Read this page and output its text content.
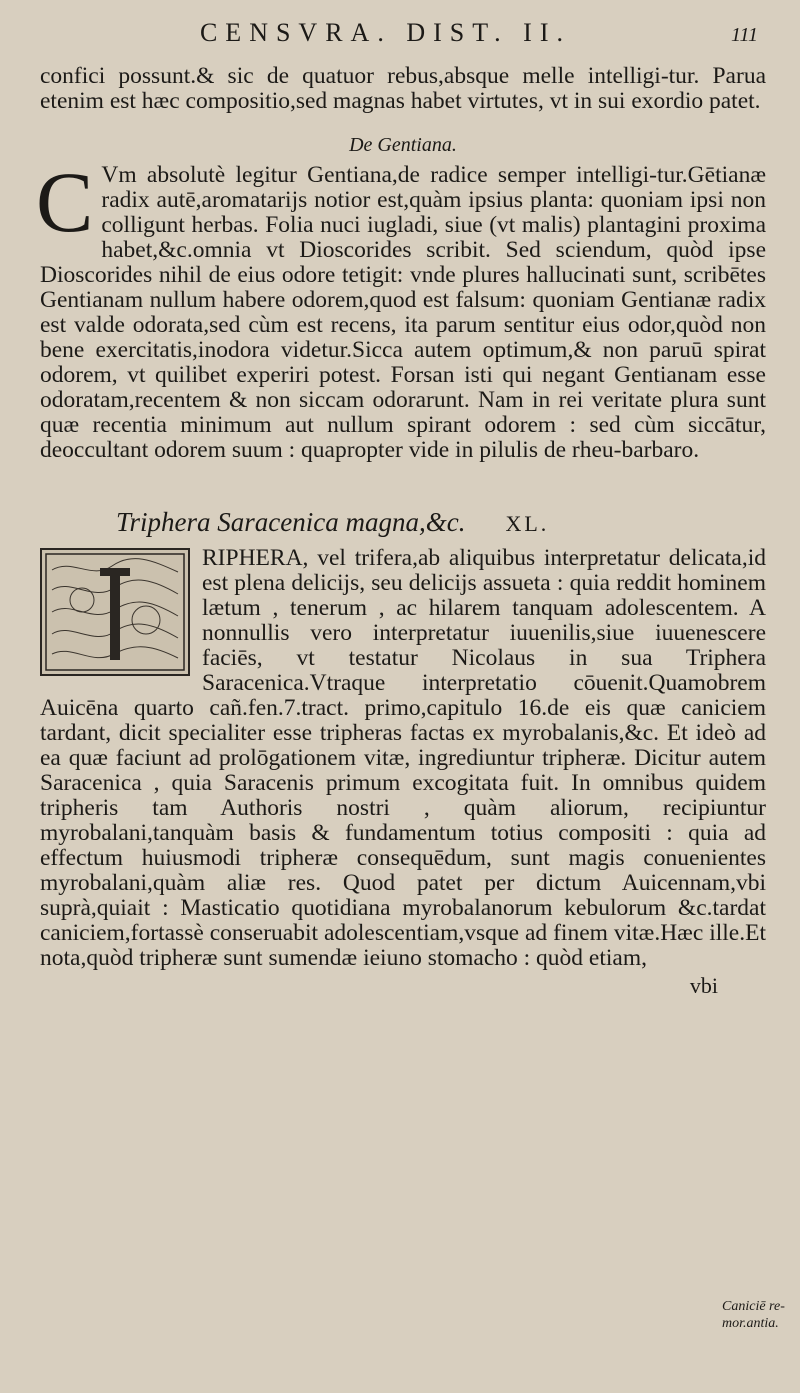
CENSVRA. DIST. II.	111

confici possunt.& sic de quatuor rebus,absque melle intelligi-tur. Parua etenim est hæc compositio,sed magnas habet virtutes, vt in sui exordio patet.

De Gentiana.
C Vm absolutè legitur Gentiana,de radice semper intelligi-tur.Gētianæ radix autē,aromatarijs notior est,quàm ipsius planta: quoniam ipsi non colligunt herbas. Folia nuci iugladi, siue (vt malis) plantagini proxima habet,&c.omnia vt Dioscorides scribit. Sed sciendum, quòd ipse Dioscorides nihil de eius odore tetigit: vnde plures hallucinati sunt, scribētes Gentianam nullum habere odorem,quod est falsum: quoniam Gentianæ radix est valde odorata,sed cùm est recens, ita parum sentitur eius odor,quòd non bene exercitatis,inodora videtur.Sicca autem optimum,& non paruū spirat odorem, vt quilibet experiri potest. Forsan isti qui negant Gentianam esse odoratam,recentem & non siccam odorarunt. Nam in rei veritate plura sunt quæ recentia minimum aut nullum spirant odorem : sed cùm siccātur, deoccultant odorem suum : quapropter vide in pilulis de rheu-barbaro.

Triphera Saracenica magna,&c. XL.

RIPHERA, vel trifera,ab aliquibus interpretatur delicata,id est plena delicijs, seu delicijs assueta : quia reddit hominem lætum , tenerum , ac hilarem tanquam adolescentem. A nonnullis vero interpretatur iuuenilis,siue iuuenescere faciēs, vt testatur Nicolaus in sua Triphera Saracenica.Vtraque interpretatio cōuenit.Quamobrem Auicēna quarto cañ.fen.7.tract. primo,capitulo 16.de eis quæ caniciem tardant, dicit specialiter esse tripheras factas ex myrobalanis,&c. Et ideò ad ea quæ faciunt ad prolōgationem vitæ, ingrediuntur tripheræ. Dicitur autem Saracenica , quia Saracenis primum excogitata fuit. In omnibus quidem tripheris tam Authoris nostri , quàm aliorum, recipiuntur myrobalani,tanquàm basis & fundamentum totius compositi : quia ad effectum huiusmodi tripheræ consequēdum, sunt magis conuenientes myrobalani,quàm aliæ res. Quod patet per dictum Auicennam,vbi suprà,quiait : Masticatio quotidiana myrobalanorum kebulorum &c.tardat caniciem,fortassè conseruabit adolescentiam,vsque ad finem vitæ.Hæc ille.Et nota,quòd tripheræ sunt sumendæ ieiuno stomacho : quòd etiam,

Caniciē re-mor.antia.
vbi
